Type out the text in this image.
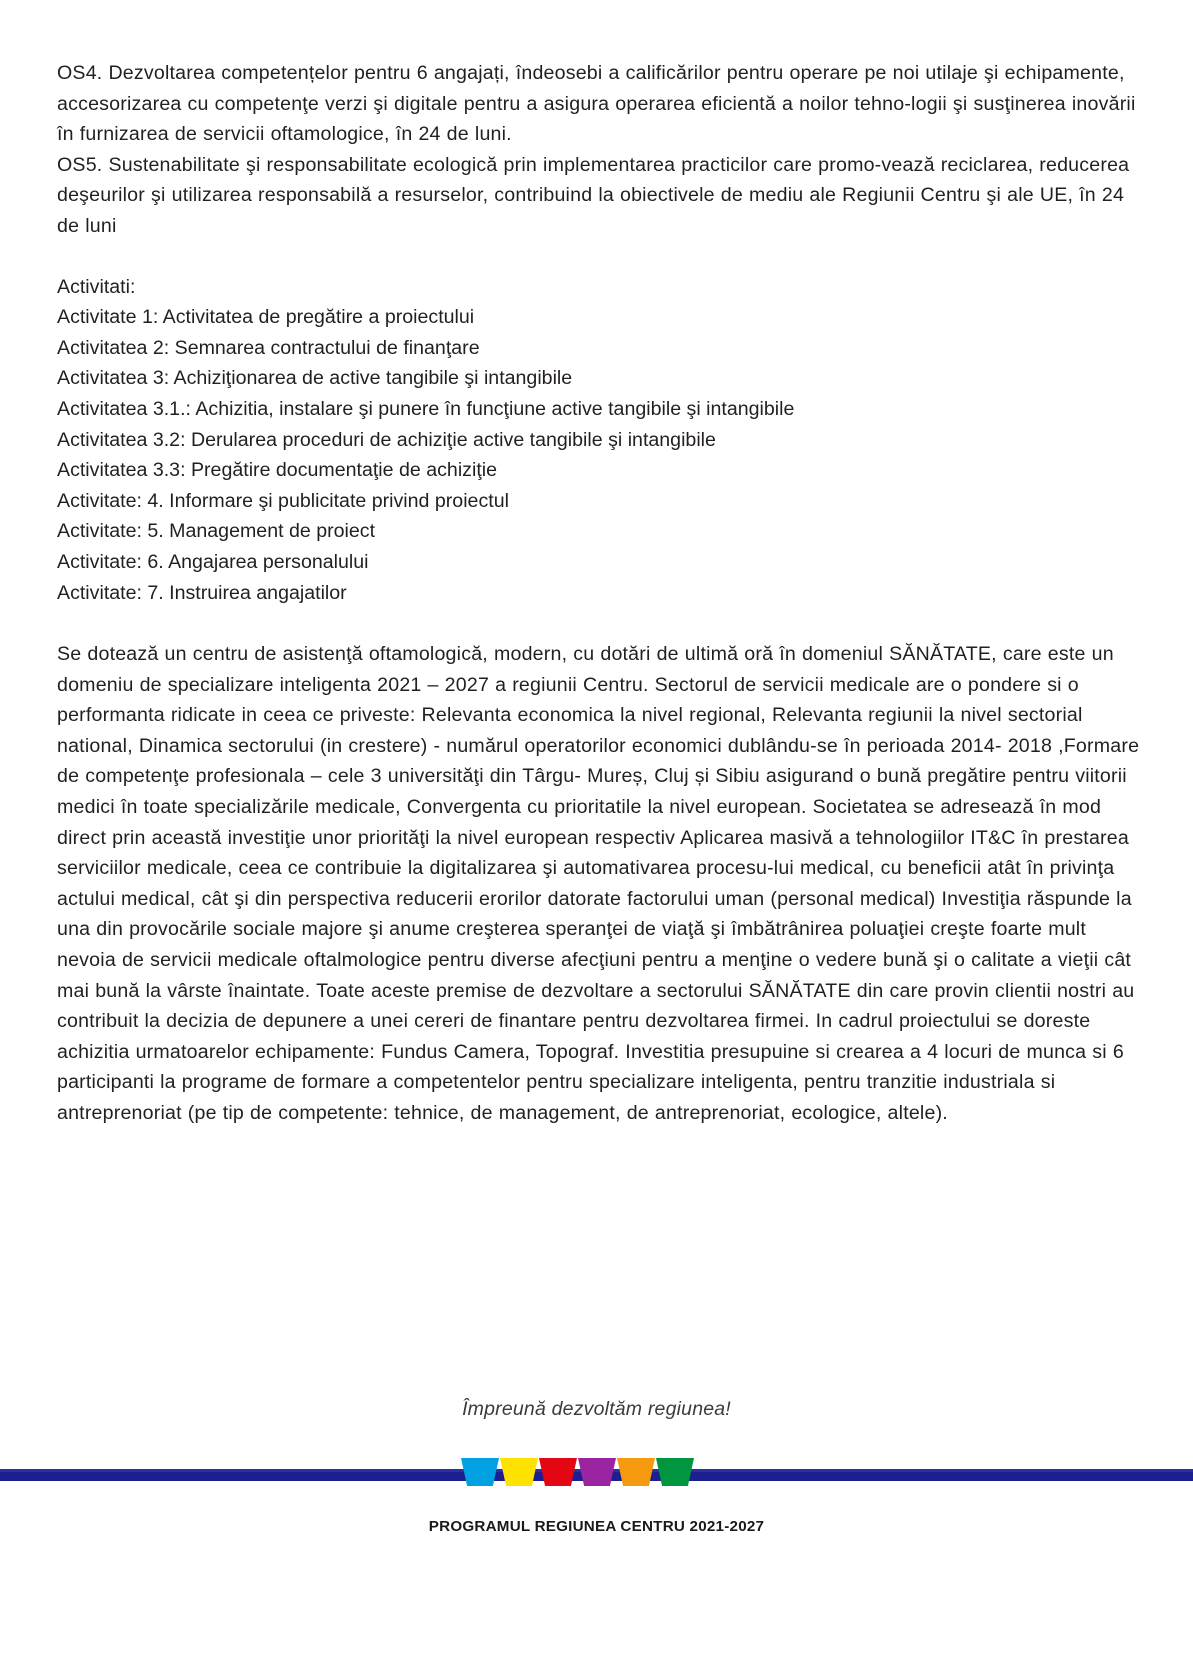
OS4. Dezvoltarea competențelor pentru 6 angajați, îndeosebi a calificărilor pentru operare pe noi utilaje şi echipamente, accesorizarea cu competenţe verzi şi digitale pentru a asigura operarea eficientă a noilor tehno-logii şi susţinerea inovării în furnizarea de servicii oftamologice, în 24 de luni.

OS5. Sustenabilitate şi responsabilitate ecologică prin implementarea practicilor care promo-vează reciclarea, reducerea deşeurilor şi utilizarea responsabilă a resurselor, contribuind la obiectivele de mediu ale Regiunii Centru şi ale UE, în 24 de luni

Activitati:

Activitate 1: Activitatea de pregătire a proiectului

Activitatea 2: Semnarea contractului de finanţare

Activitatea 3: Achiziţionarea de active tangibile şi intangibile

Activitatea 3.1.: Achizitia, instalare şi punere în funcţiune active tangibile şi intangibile

Activitatea 3.2: Derularea proceduri de achiziţie active tangibile şi intangibile

Activitatea 3.3: Pregătire documentaţie de achiziţie

Activitate: 4. Informare şi publicitate privind proiectul

Activitate: 5. Management de proiect

Activitate: 6. Angajarea personalului

Activitate: 7. Instruirea angajatilor

Se dotează un centru de asistenţă oftamologică, modern, cu dotări de ultimă oră în domeniul SĂNĂTATE, care este un domeniu de specializare inteligenta 2021 – 2027 a regiunii Centru. Sectorul de servicii medicale are o pondere si o performanta ridicate in ceea ce priveste: Relevanta economica la nivel regional, Relevanta regiunii la nivel sectorial national, Dinamica sectorului (in crestere) - numărul operatorilor economici dublându-se în perioada 2014- 2018 ,Formare de competenţe profesionala – cele 3 universităţi din Târgu- Mureș, Cluj și Sibiu asigurand o bună pregătire pentru viitorii medici în toate specializările medicale, Convergenta cu prioritatile la nivel european. Societatea se adresează în mod direct prin această investiţie unor priorităţi la nivel european respectiv Aplicarea masivă a tehnologiilor IT&C în prestarea serviciilor medicale, ceea ce contribuie la digitalizarea şi automativarea procesu-lui medical, cu beneficii atât în privinţa actului medical, cât şi din perspectiva reducerii erorilor datorate factorului uman (personal medical) Investiţia răspunde la una din provocările sociale majore şi anume creşterea speranţei de viaţă şi îmbătrânirea poluaţiei creşte foarte mult nevoia de servicii medicale oftalmologice pentru diverse afecţiuni pentru a menţine o vedere bună şi o calitate a vieţii cât mai bună la vârste înaintate. Toate aceste premise de dezvoltare a sectorului SĂNĂTATE din care provin clientii nostri au contribuit la decizia de depunere a unei cereri de finantare pentru dezvoltarea firmei. In cadrul proiectului se doreste achizitia urmatoarelor echipamente: Fundus Camera, Topograf. Investitia presupuine si crearea a 4 locuri de munca si 6 participanti la programe de formare a competentelor pentru specializare inteligenta, pentru tranzitie industriala si antreprenoriat (pe tip de competente: tehnice, de management, de antreprenoriat, ecologice, altele).

Împreună dezvoltăm regiunea!
PROGRAMUL REGIUNEA CENTRU 2021-2027
